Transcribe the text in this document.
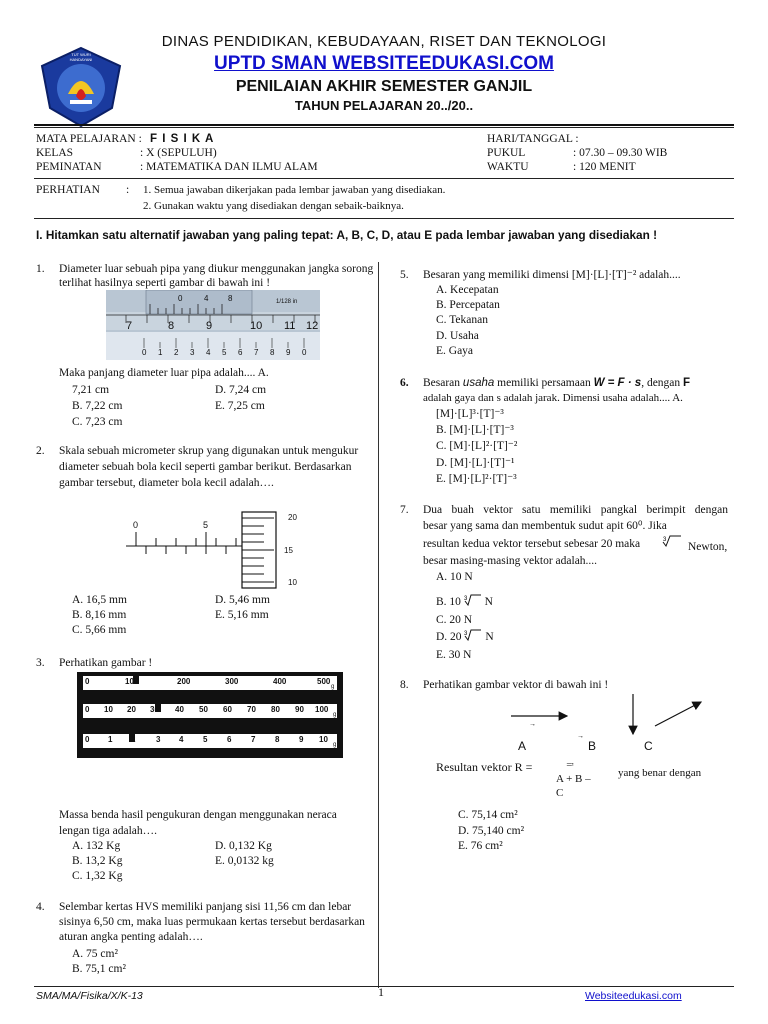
TUT WURI HANDAYANI
DINAS PENDIDIKAN, KEBUDAYAAN, RISET DAN TEKNOLOGI
UPTD SMAN WEBSITEEDUKASI.COM
PENILAIAN AKHIR SEMESTER GANJIL
TAHUN PELAJARAN 20../20..
MATA PELAJARAN : F I S I K A
KELAS	: X (SEPULUH)
PEMINATAN	: MATEMATIKA DAN ILMU ALAM
HARI/TANGGAL :
PUKUL	: 07.30 – 09.30 WIB
WAKTU	: 120 MENIT
PERHATIAN : 1. Semua jawaban dikerjakan pada lembar jawaban yang disediakan.
2. Gunakan waktu yang disediakan dengan sebaik-baiknya.
I. Hitamkan satu alternatif jawaban yang paling tepat: A, B, C, D, atau E pada lembar jawaban yang disediakan !
1. Diameter luar sebuah pipa yang diukur menggunakan jangka sorong
terlihat hasilnya seperti gambar di bawah ini !
0	4 8	1/128 in
7	8	9	10 11 12
0 1 2 3 4 5 6 7 8 9 0
Maka panjang diameter luar pipa adalah.... A.
7,21 cm	D. 7,24 cm
B. 7,22 cm	E. 7,25 cm
C. 7,23 cm
2. Skala sebuah micrometer skrup yang digunakan untuk mengukur
diameter sebuah bola kecil seperti gambar berikut. Berdasarkan
gambar tersebut, diameter bola kecil adalah….
0	5
20
15
10
A. 16,5 mm	D. 5,46 mm
B. 8,16 mm	E. 5,16 mm
C. 5,66 mm
3. Perhatikan gambar !
0	100	200	300	400	500
g
0 10 20 30 40 50 60 70 80 90 100
g
0 1 2	3 4 5 6 7 8 9 10
g
Massa benda hasil pengukuran dengan menggunakan neraca
lengan tiga adalah….
A. 132 Kg	D. 0,132 Kg
B. 13,2 Kg	E. 0,0132 kg
C. 1,32 Kg
4. Selembar kertas HVS memiliki panjang sisi 11,56 cm dan lebar
sisinya 6,50 cm, maka luas permukaan kertas tersebut berdasarkan
aturan angka penting adalah….
A. 75 cm²
B. 75,1 cm²
5. Besaran yang memiliki dimensi [M]·[L]·[T]⁻² adalah....
A. Kecepatan
B. Percepatan
C. Tekanan
D. Usaha
E. Gaya
6. Besaran usaha memiliki persamaan W = F · s, dengan F
adalah gaya dan s adalah jarak. Dimensi usaha adalah.... A.
[M]·[L]³·[T]⁻³
B. [M]·[L]·[T]⁻³
C. [M]·[L]²·[T]⁻²
D. [M]·[L]·[T]⁻¹
E. [M]·[L]²·[T]⁻³
7. Dua buah vektor satu memiliki pangkal berimpit dengan
besar yang sama dan membentuk sudut apit 60⁰. Jika
resultan kedua vektor tersebut sebesar 20 maka	3
Newton,
besar masing-masing vektor adalah....
A. 10 N
B. 10 3 N
C. 20 N
D. 20 3 N
E. 30 N
8. Perhatikan gambar vektor di bawah ini !
→
→
A	B	C
Resultan vektor R =	≕
A + B –
C
yang benar dengan
C. 75,14 cm²
D. 75,140 cm²
E. 76 cm²
SMA/MA/Fisika/X/K-13	1	Websiteedukasi.com
